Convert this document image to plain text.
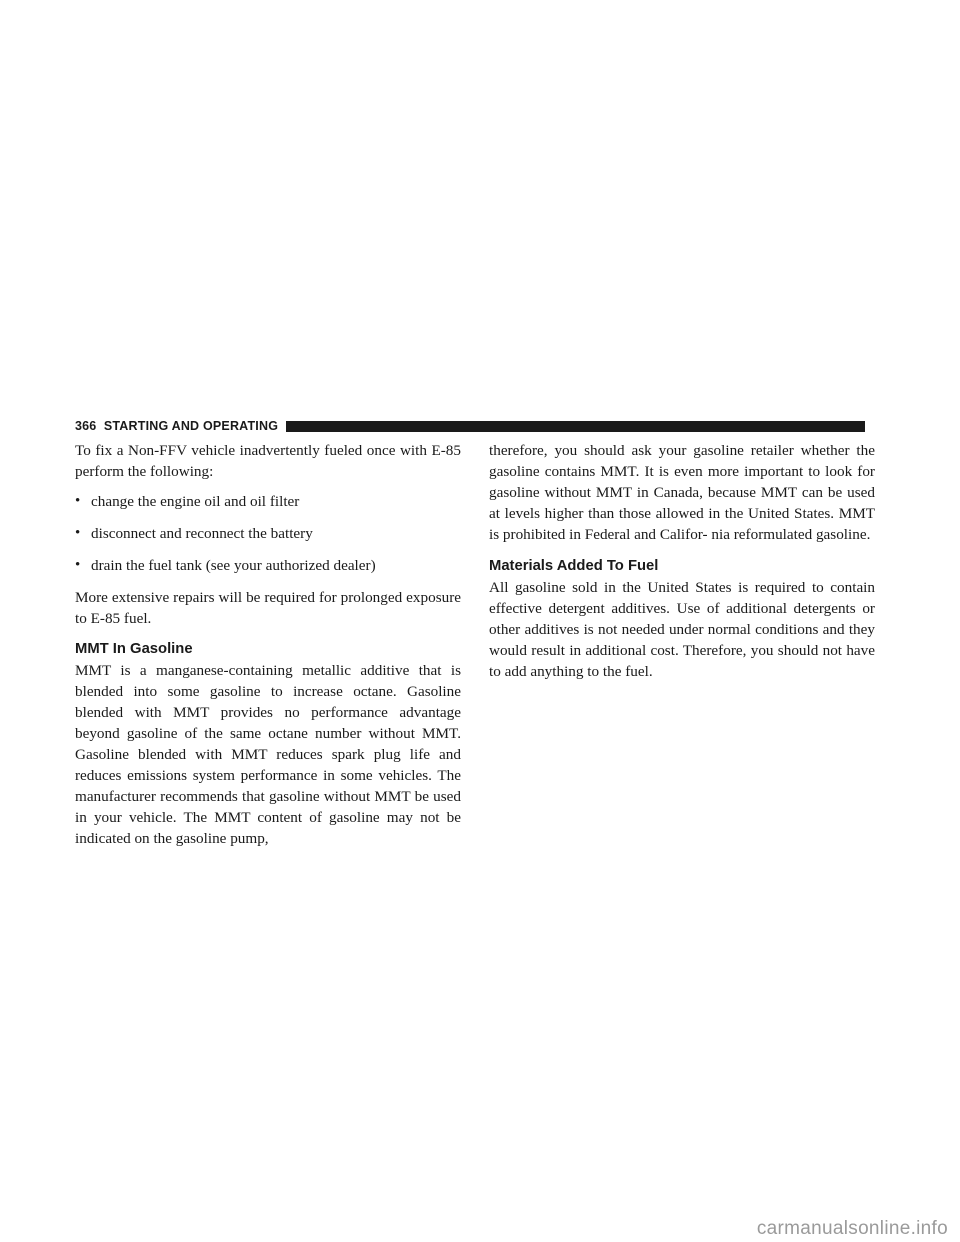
366 STARTING AND OPERATING

To fix a Non-FFV vehicle inadvertently fueled once with E-85 perform the following:

• change the engine oil and oil filter
• disconnect and reconnect the battery
• drain the fuel tank (see your authorized dealer)

More extensive repairs will be required for prolonged exposure to E-85 fuel.

MMT In Gasoline

MMT is a manganese-containing metallic additive that is blended into some gasoline to increase octane. Gasoline blended with MMT provides no performance advantage beyond gasoline of the same octane number without MMT. Gasoline blended with MMT reduces spark plug life and reduces emissions system performance in some vehicles. The manufacturer recommends that gasoline without MMT be used in your vehicle. The MMT content of gasoline may not be indicated on the gasoline pump,

therefore, you should ask your gasoline retailer whether the gasoline contains MMT. It is even more important to look for gasoline without MMT in Canada, because MMT can be used at levels higher than those allowed in the United States. MMT is prohibited in Federal and Califor- nia reformulated gasoline.

Materials Added To Fuel

All gasoline sold in the United States is required to contain effective detergent additives. Use of additional detergents or other additives is not needed under normal conditions and they would result in additional cost. Therefore, you should not have to add anything to the fuel.

carmanualsonline.info
